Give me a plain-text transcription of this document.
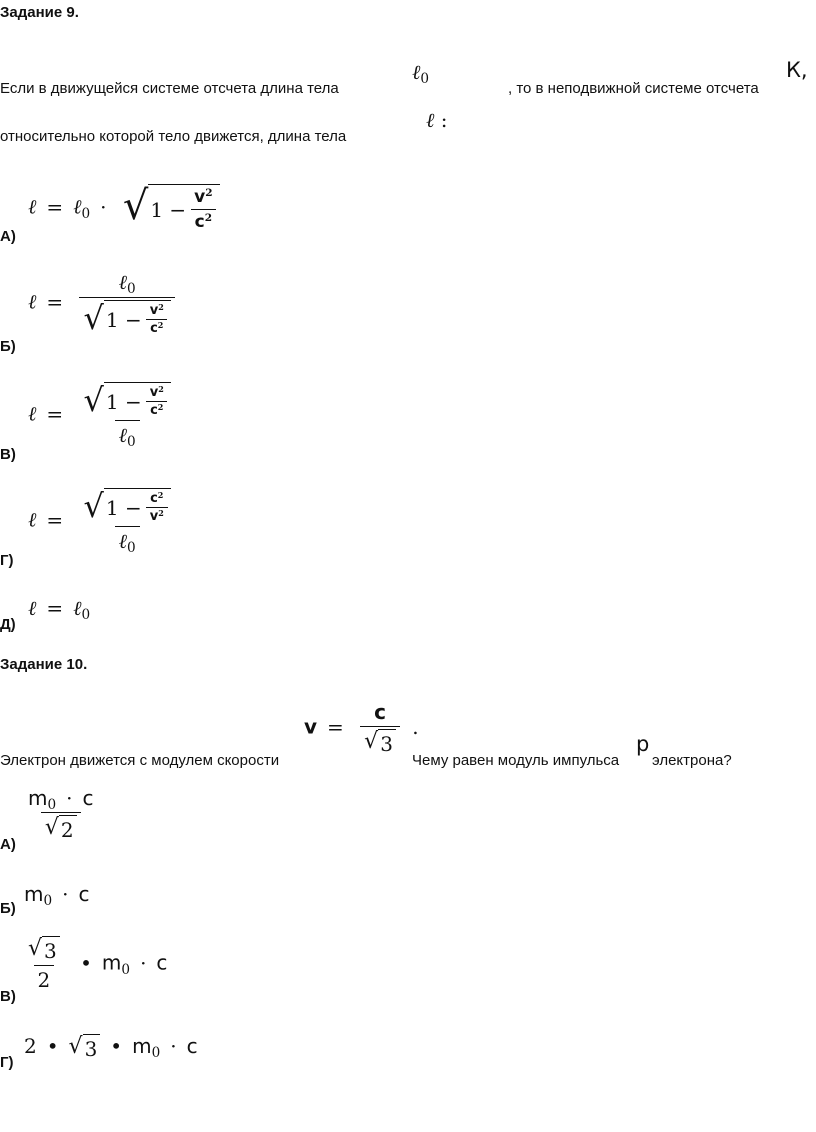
Задание 9.
Если в движущейся системе отсчета длина тела
ℓ$_0$
, то в неподвижной системе отсчета
К,
относительно которой тело движется, длина тела
ℓ :
ℓ = ℓ$_0$ · √ $1 - \frac{v^2}{c^2}$
А)
ℓ = $\frac{\ell_0}{√ 1 - \frac{v^2}{c^2}}$
Б)
ℓ = $\frac{√ 1 - \frac{v^2}{c^2}}{\ell_0}$
В)
ℓ = $\frac{√ 1 - \frac{c^2}{v^2}}{\ell_0}$
Г)
ℓ = ℓ$_0$
Д)
Задание 10.
Электрон движется с модулем скорости
$v = \frac{c}{√ 3}$ .
Чему равен модуль импульса
p
электрона?
$\frac{m_0 \cdot c}{√ 2}$
А)
$m_0 \cdot c$
Б)
$\frac{√ 3}{2}$ • $m_0 \cdot c$
В)
2 • √ 3 • $m_0 \cdot c$
Г)
